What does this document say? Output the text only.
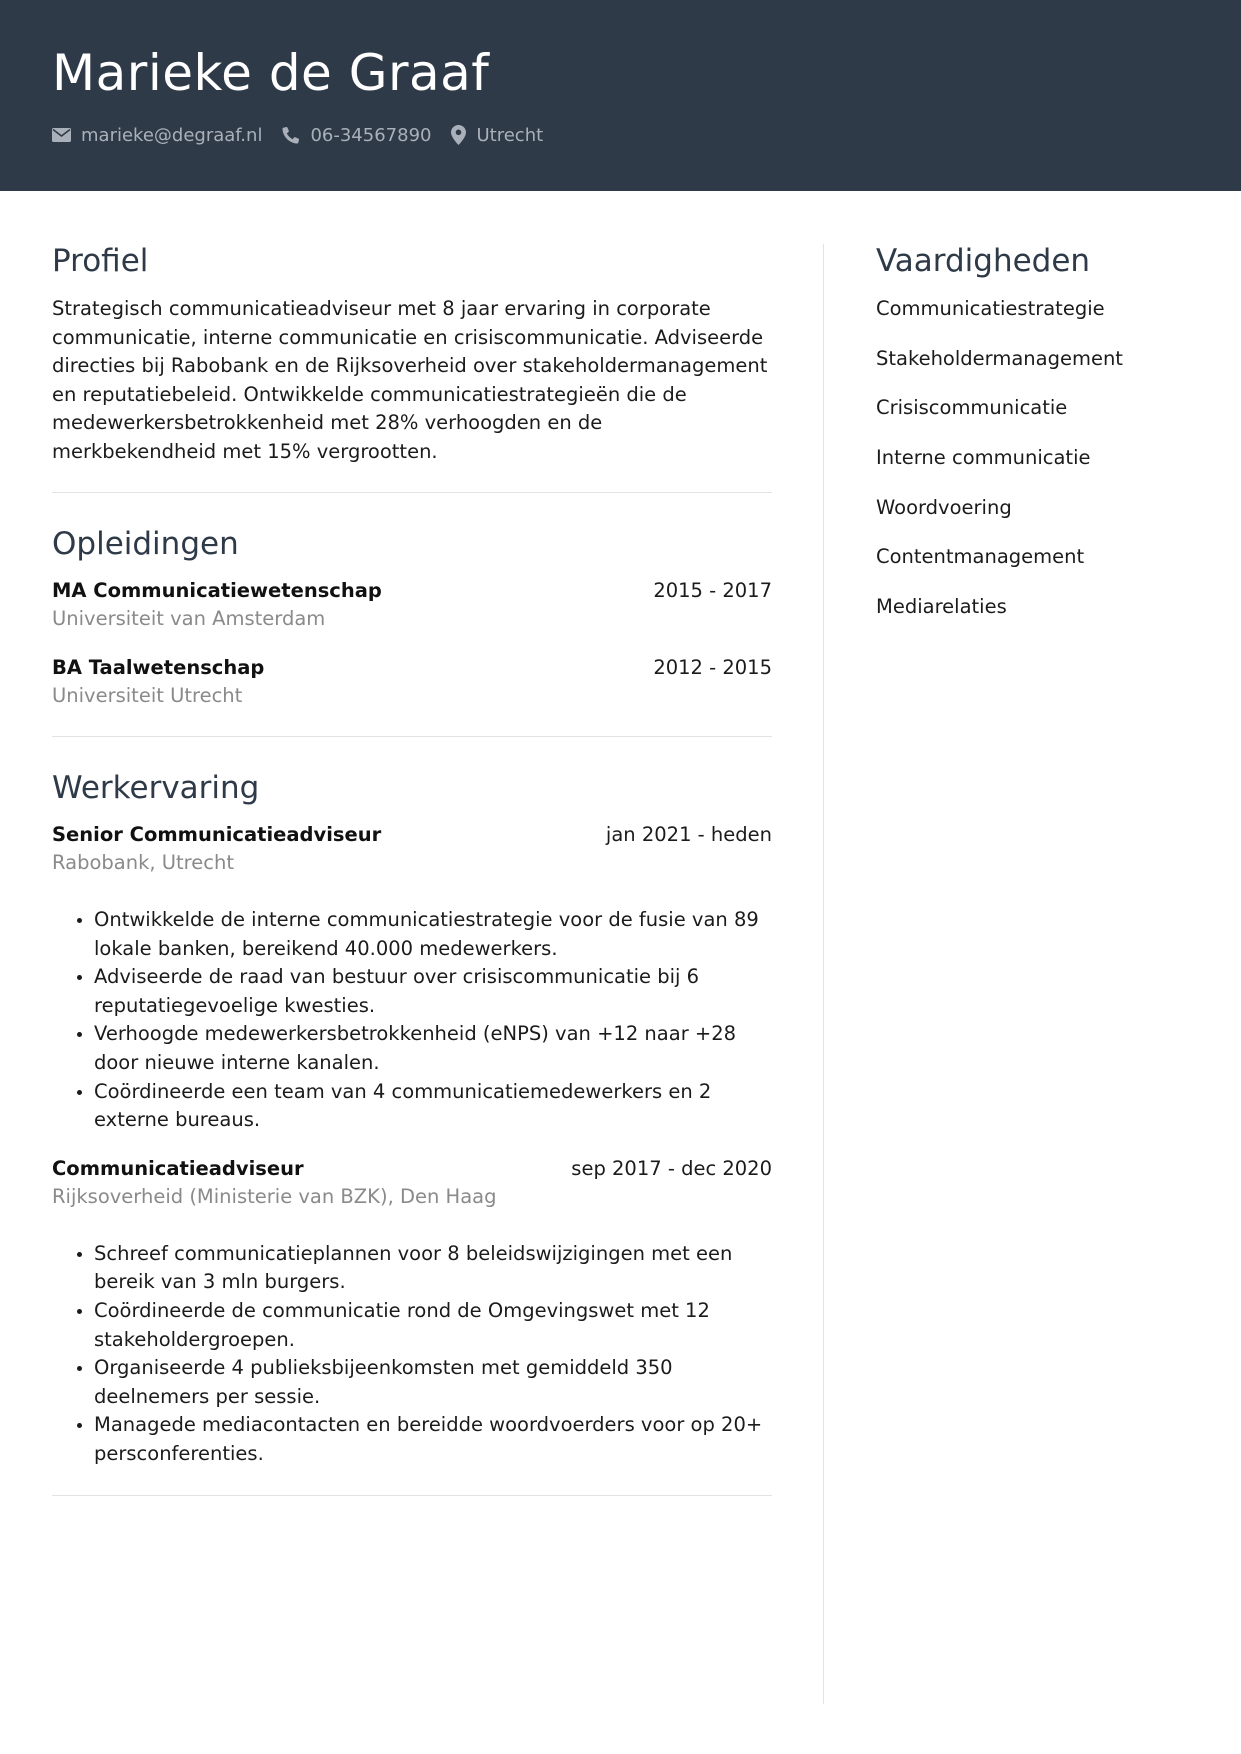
Marieke de Graaf
marieke@degraaf.nl	06-34567890	Utrecht
Profiel

Strategisch communicatieadviseur met 8 jaar ervaring in corporate communicatie, interne communicatie en crisiscommunicatie. Adviseerde directies bij Rabobank en de Rijksoverheid over stakeholdermanagement en reputatiebeleid. Ontwikkelde communicatiestrategieën die de medewerkersbetrokkenheid met 28% verhoogden en de merkbekendheid met 15% vergrootten.

Opleidingen
MA Communicatiewetenschap	2015 - 2017
Universiteit van Amsterdam
BA Taalwetenschap	2012 - 2015
Universiteit Utrecht
Werkervaring
Senior Communicatieadviseur	jan 2021 - heden
Rabobank, Utrecht
• Ontwikkelde de interne communicatiestrategie voor de fusie van 89 lokale banken, bereikend 40.000 medewerkers.
• Adviseerde de raad van bestuur over crisiscommunicatie bij 6 reputatiegevoelige kwesties.
• Verhoogde medewerkersbetrokkenheid (eNPS) van +12 naar +28 door nieuwe interne kanalen.
• Coördineerde een team van 4 communicatiemedewerkers en 2 externe bureaus.
Communicatieadviseur	sep 2017 - dec 2020
Rijksoverheid (Ministerie van BZK), Den Haag
• Schreef communicatieplannen voor 8 beleidswijzigingen met een bereik van 3 mln burgers.
• Coördineerde de communicatie rond de Omgevingswet met 12 stakeholdergroepen.
• Organiseerde 4 publieksbijeenkomsten met gemiddeld 350 deelnemers per sessie.
• Managede mediacontacten en bereidde woordvoerders voor op 20+ persconferenties.
Vaardigheden
Communicatiestrategie
Stakeholdermanagement
Crisiscommunicatie
Interne communicatie
Woordvoering
Contentmanagement
Mediarelaties
